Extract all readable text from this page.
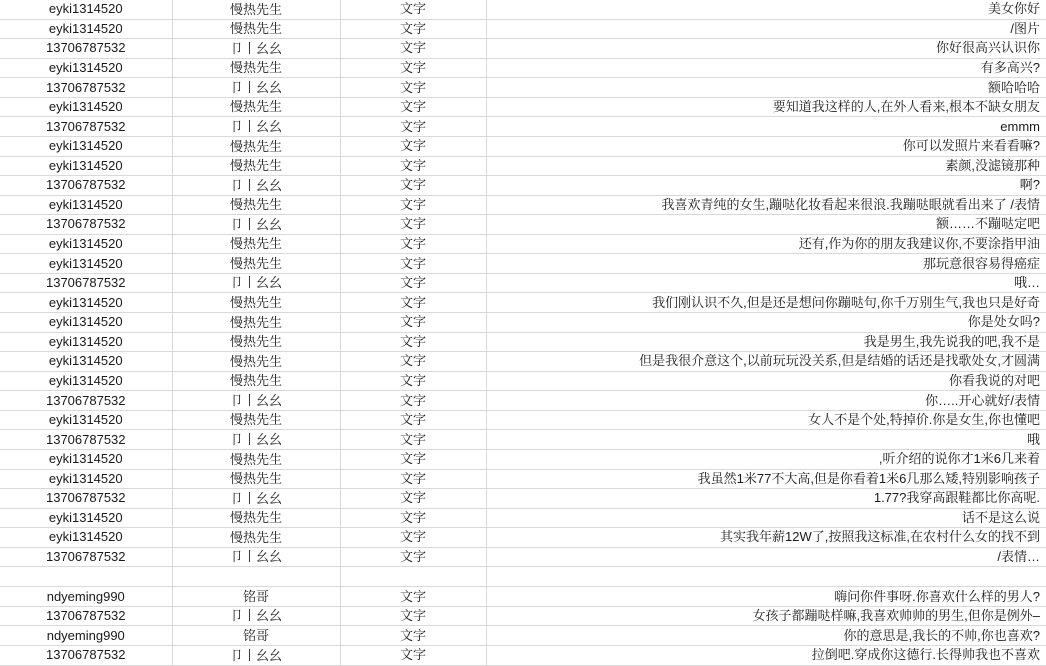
eyki1314520	慢热先生	文字	美女你好
eyki1314520	慢热先生	文字	/图片
13706787532	卩丨幺幺	文字	你好很高兴认识你
eyki1314520	慢热先生	文字	有多高兴?
13706787532	卩丨幺幺	文字	额哈哈哈
eyki1314520	慢热先生	文字	要知道我这样的人,在外人看来,根本不缺女朋友
13706787532	卩丨幺幺	文字	emmm
eyki1314520	慢热先生	文字	你可以发照片来看看嘛?
eyki1314520	慢热先生	文字	素颜,没滤镜那种
13706787532	卩丨幺幺	文字	啊?
eyki1314520	慢热先生	文字	我喜欢青纯的女生,蹦哒化妆看起来很浪.我蹦哒眼就看出来了 /表情
13706787532	卩丨幺幺	文字	额……不蹦哒定吧
eyki1314520	慢热先生	文字	还有,作为你的朋友我建议你,不要涂指甲油
eyki1314520	慢热先生	文字	那玩意很容易得癌症
13706787532	卩丨幺幺	文字	哦…
eyki1314520	慢热先生	文字	我们刚认识不久,但是还是想问你蹦哒句,你千万别生气,我也只是好奇
eyki1314520	慢热先生	文字	你是处女吗?
eyki1314520	慢热先生	文字	我是男生,我先说我的吧,我不是
eyki1314520	慢热先生	文字	但是我很介意这个,以前玩玩没关系,但是结婚的话还是找歌处女,才圆满
eyki1314520	慢热先生	文字	你看我说的对吧
13706787532	卩丨幺幺	文字	你…..开心就好/表情
eyki1314520	慢热先生	文字	女人不是个处,特掉价.你是女生,你也懂吧
13706787532	卩丨幺幺	文字	哦
eyki1314520	慢热先生	文字	,听介绍的说你才1米6几来着
eyki1314520	慢热先生	文字	我虽然1米77不大高,但是你看着1米6几那么矮,特别影响孩子
13706787532	卩丨幺幺	文字	1.77?我穿高跟鞋都比你高呢.
eyki1314520	慢热先生	文字	话不是这么说
eyki1314520	慢热先生	文字	其实我年薪12W了,按照我这标准,在农村什么女的找不到
13706787532	卩丨幺幺	文字	/表情…

ndyeming990	铭哥	文字	嗨问你件事呀.你喜欢什么样的男人?
13706787532	卩丨幺幺	文字	女孩子都蹦哒样嘛,我喜欢帅帅的男生,但你是例外–
ndyeming990	铭哥	文字	你的意思是,我长的不帅,你也喜欢?
13706787532	卩丨幺幺	文字	拉倒吧.穿成你这德行.长得帅我也不喜欢
